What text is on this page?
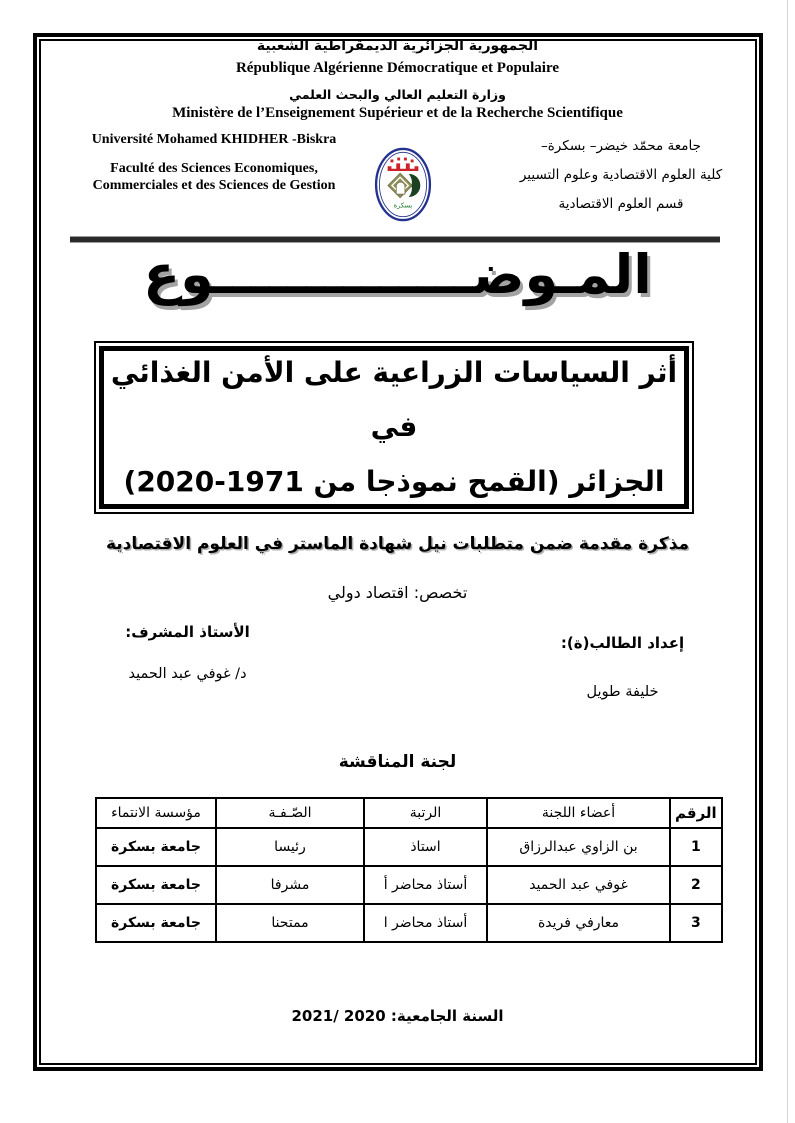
الجمهورية الجزائرية الديمقراطية الشعبية
République Algérienne Démocratique et Populaire
وزارة التعليم العالي والبحث العلمي
Ministère de l’Enseignement Supérieur et de la Recherche Scientifique
Université Mohamed KHIDHER -Biskra
Faculté des Sciences Economiques,
Commerciales et des Sciences de Gestion
بسكرة
جامعة محمّد خيضر– بسكرة–
كلية العلوم الاقتصادية وعلوم التسيير
قسم العلوم الاقتصادية
المـوضــــــــــــــوع
أثر السياسات الزراعية على الأمن الغذائي في
الجزائر (القمح نموذجا من 1971-2020)
مذكرة مقدمة ضمن متطلبات نيل شهادة الماستر في العلوم الاقتصادية
تخصص: اقتصاد دولي
الأستاذ المشرف:
إعداد الطالب(ة):
د/ غوفي عبد الحميد
خليفة طويل
لجنة المناقشة
الرقم	أعضاء اللجنة	الرتبة	الصّـفـة	مؤسسة الانتماء
1	بن الزاوي عبدالرزاق	استاذ	رئيسا	جامعة بسكرة
2	غوفي عبد الحميد	أستاذ محاضر أ	مشرفا	جامعة بسكرة
3	معارفي فريدة	أستاذ محاضر ا	ممتحنا	جامعة بسكرة
السنة الجامعية: 2020 /2021
